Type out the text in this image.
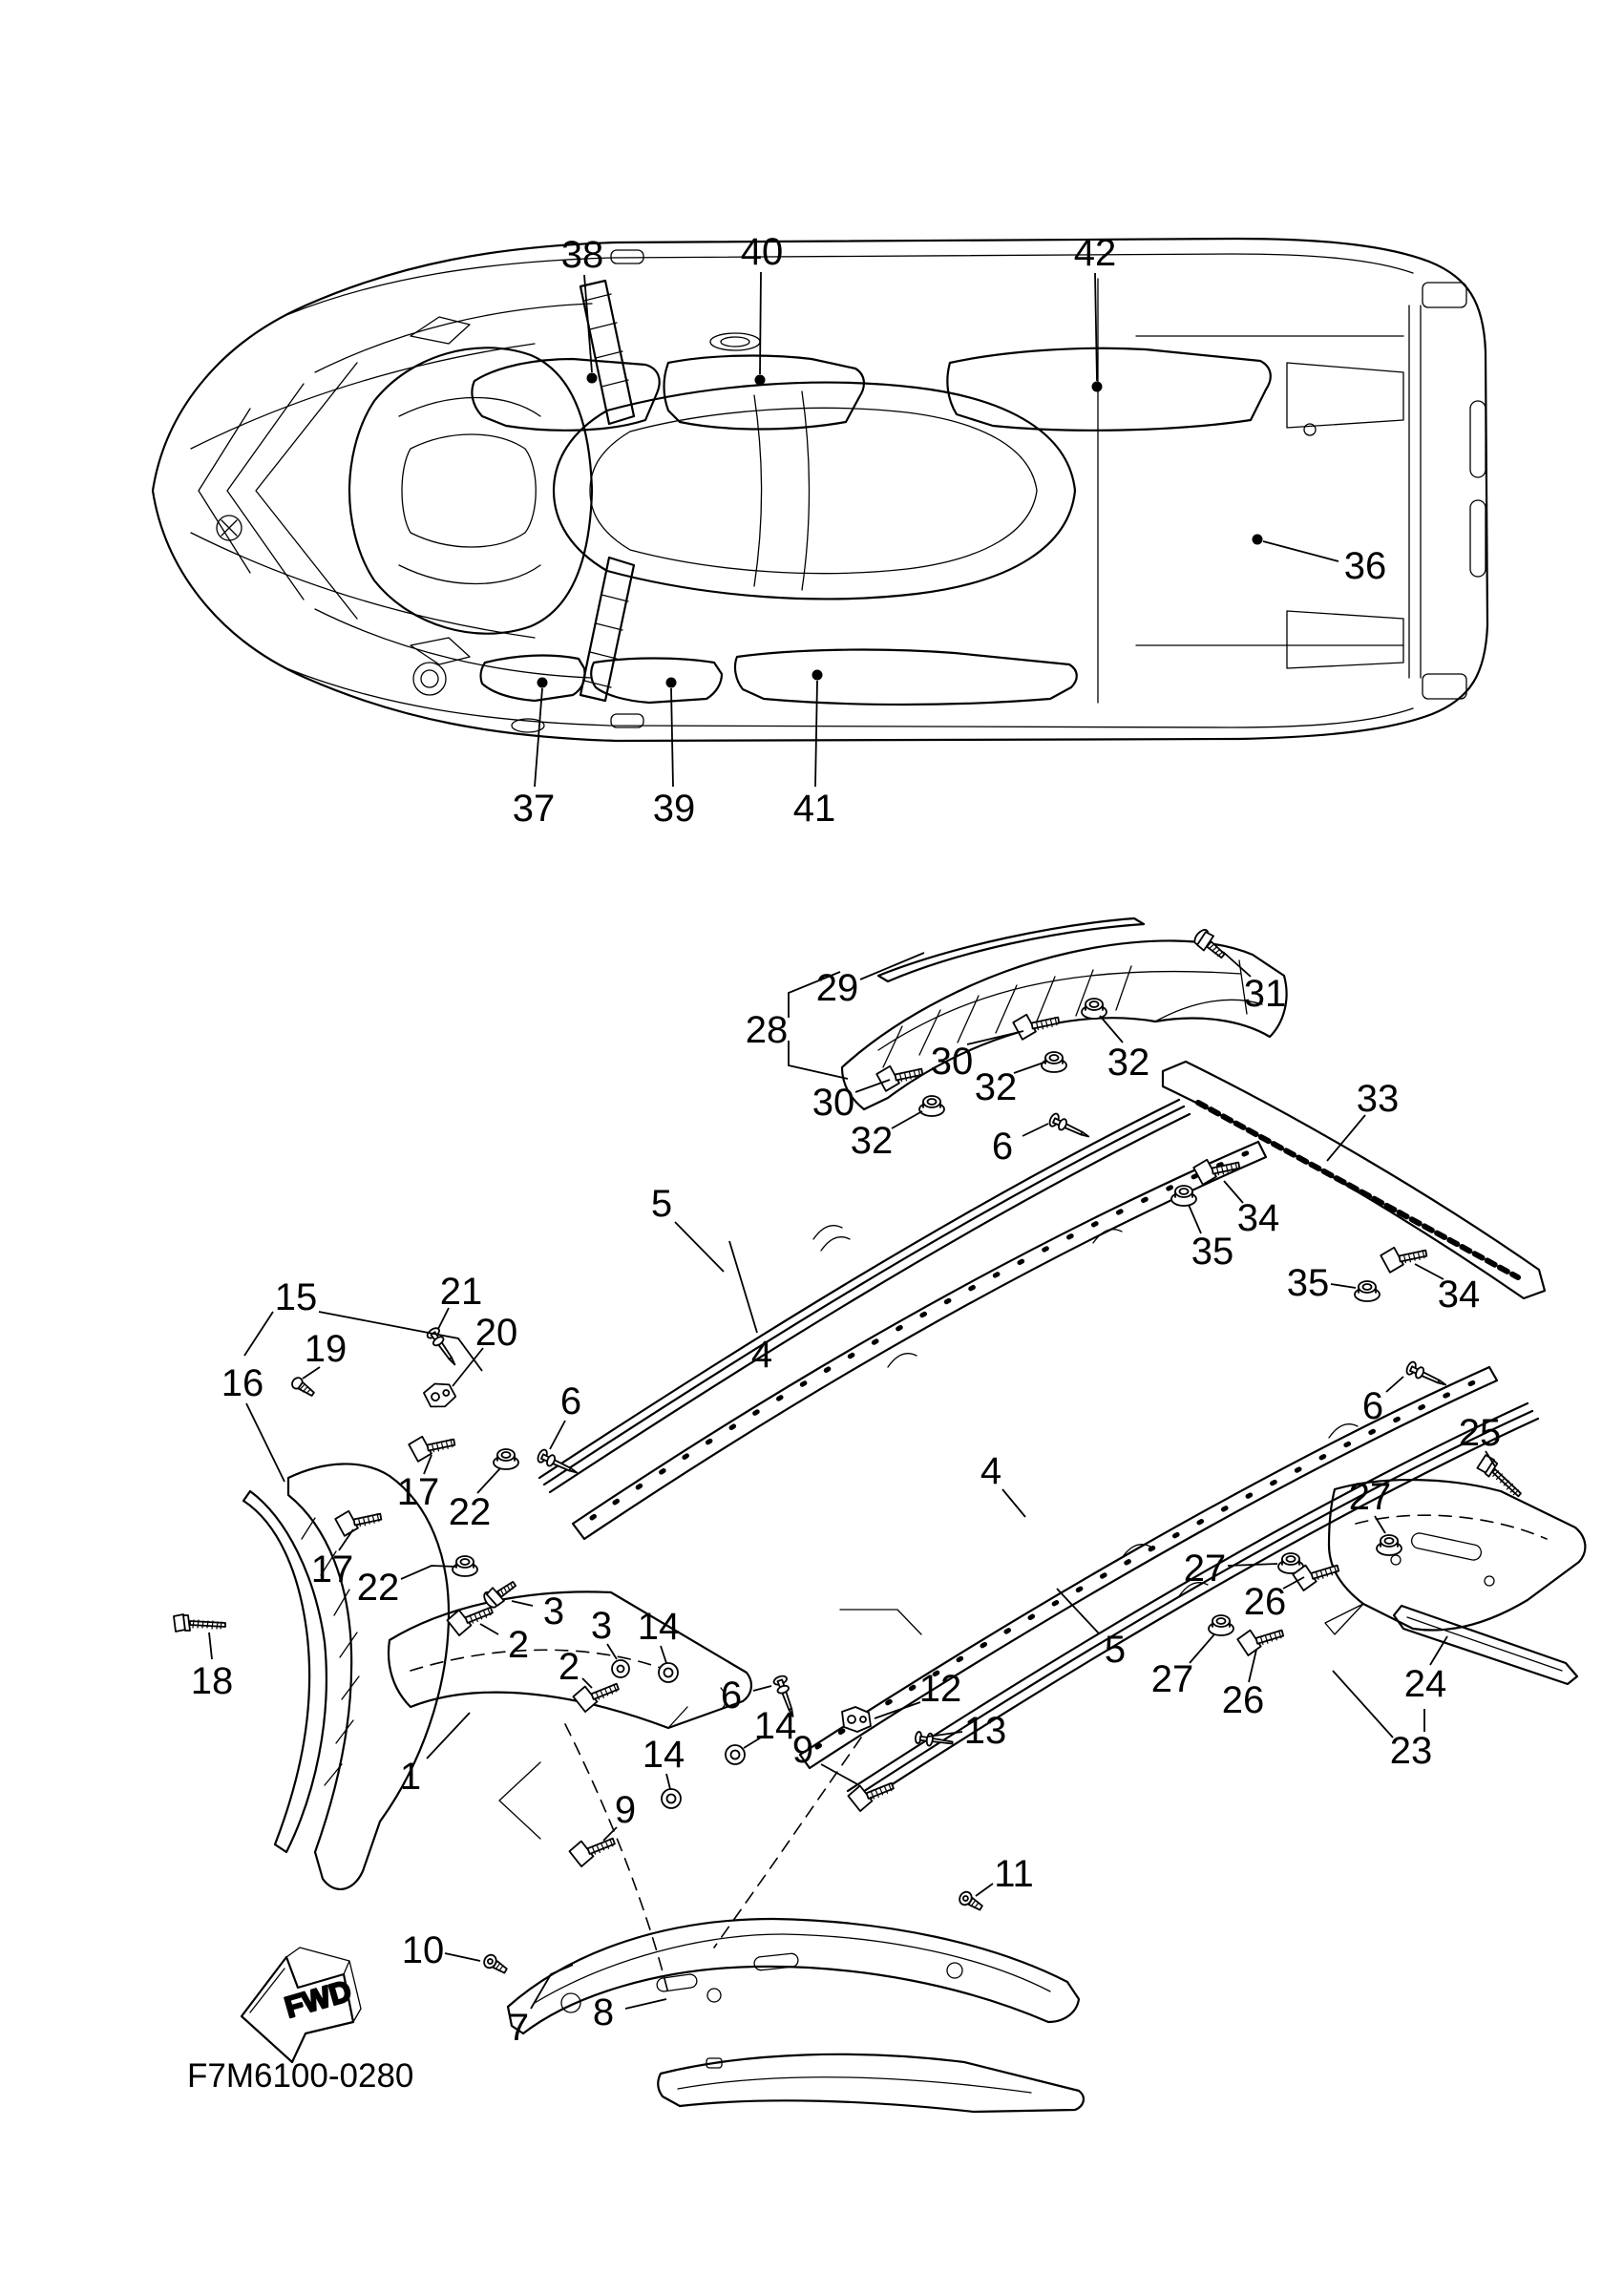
38	40	42
36
37	39	41
29
28
30
32
30
32
32
31
33
34
35
35	34
5
4
6
6
20
21
19
15
16
17 22
17 22
18
1
2
3
2
3 14
14
9
9
14
6	12
13
5
4
11
10
7 8
6
25
27
27
26
27 26	24
23
FWD
F7M6100-0280
